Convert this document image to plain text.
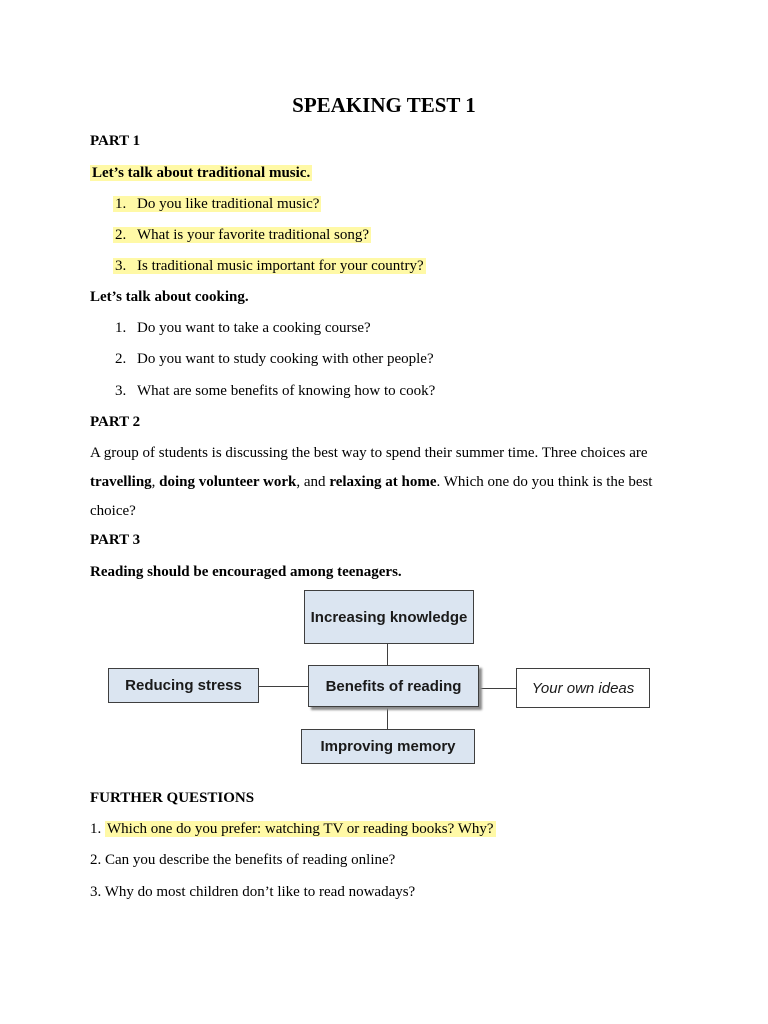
SPEAKING TEST 1
PART 1
Let’s talk about traditional music.
1. Do you like traditional music?
2. What is your favorite traditional song?
3. Is traditional music important for your country?
Let’s talk about cooking.
1. Do you want to take a cooking course?
2. Do you want to study cooking with other people?
3. What are some benefits of knowing how to cook?
PART 2
A group of students is discussing the best way to spend their summer time. Three choices are travelling, doing volunteer work, and relaxing at home. Which one do you think is the best choice?
PART 3
Reading should be encouraged among teenagers.
Increasing knowledge
Benefits of reading
Reducing stress	Your own ideas
Improving memory
FURTHER QUESTIONS
1. Which one do you prefer: watching TV or reading books? Why?
2. Can you describe the benefits of reading online?
3. Why do most children don’t like to read nowadays?
